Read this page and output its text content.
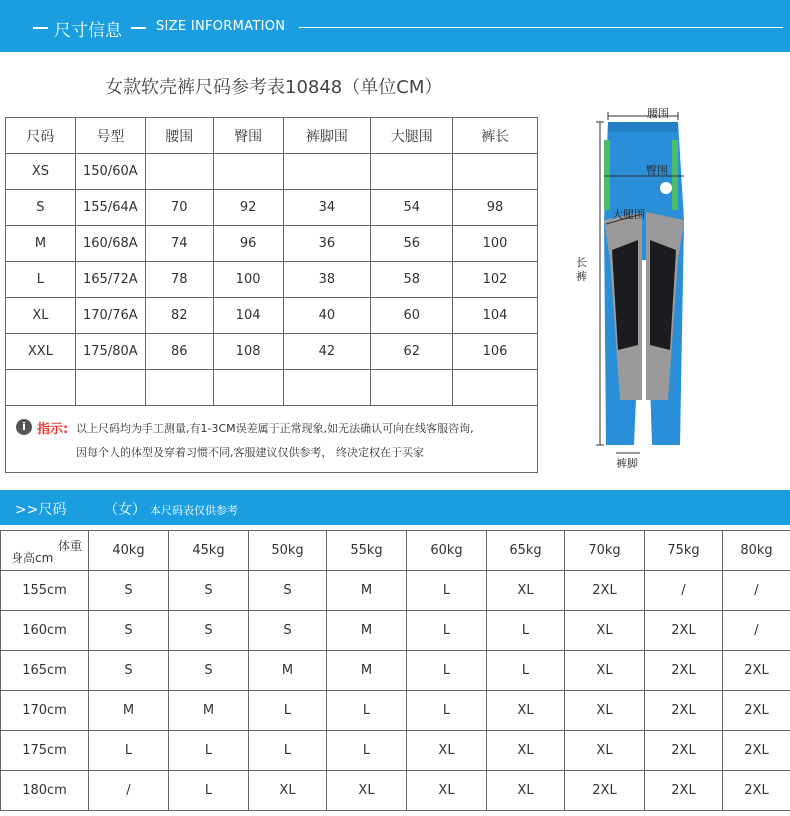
尺寸信息	SIZE INFORMATION
女款软壳裤尺码参考表10848（单位CM）
尺码	号型	腰围	臀围	裤脚围	大腿围	裤长
XS	150/60A					
S	155/64A	70	92	34	54	98
M	160/68A	74	96	36	56	100
L	165/72A	78	100	38	58	102
XL	170/76A	82	104	40	60	104
XXL	175/80A	86	108	42	62	106

i 指示: 以上尺码均为手工测量,有1-3CM误差属于正常现象,如无法确认可向在线客服咨询,
因每个人的体型及穿着习惯不同,客服建议仅供参考， 终决定权在于买家
腰围
臀围
大腿围
长裤
裤脚
>>尺码	（女） 本尺码表仅供参考
体重
身高cm	40kg	45kg	50kg	55kg	60kg	65kg	70kg	75kg	80kg
155cm	S	S	S	M	L	XL	2XL	/	/
160cm	S	S	S	M	L	L	XL	2XL	/
165cm	S	S	M	M	L	L	XL	2XL	2XL
170cm	M	M	L	L	L	XL	XL	2XL	2XL
175cm	L	L	L	L	XL	XL	XL	2XL	2XL
180cm	/	L	XL	XL	XL	XL	2XL	2XL	2XL
